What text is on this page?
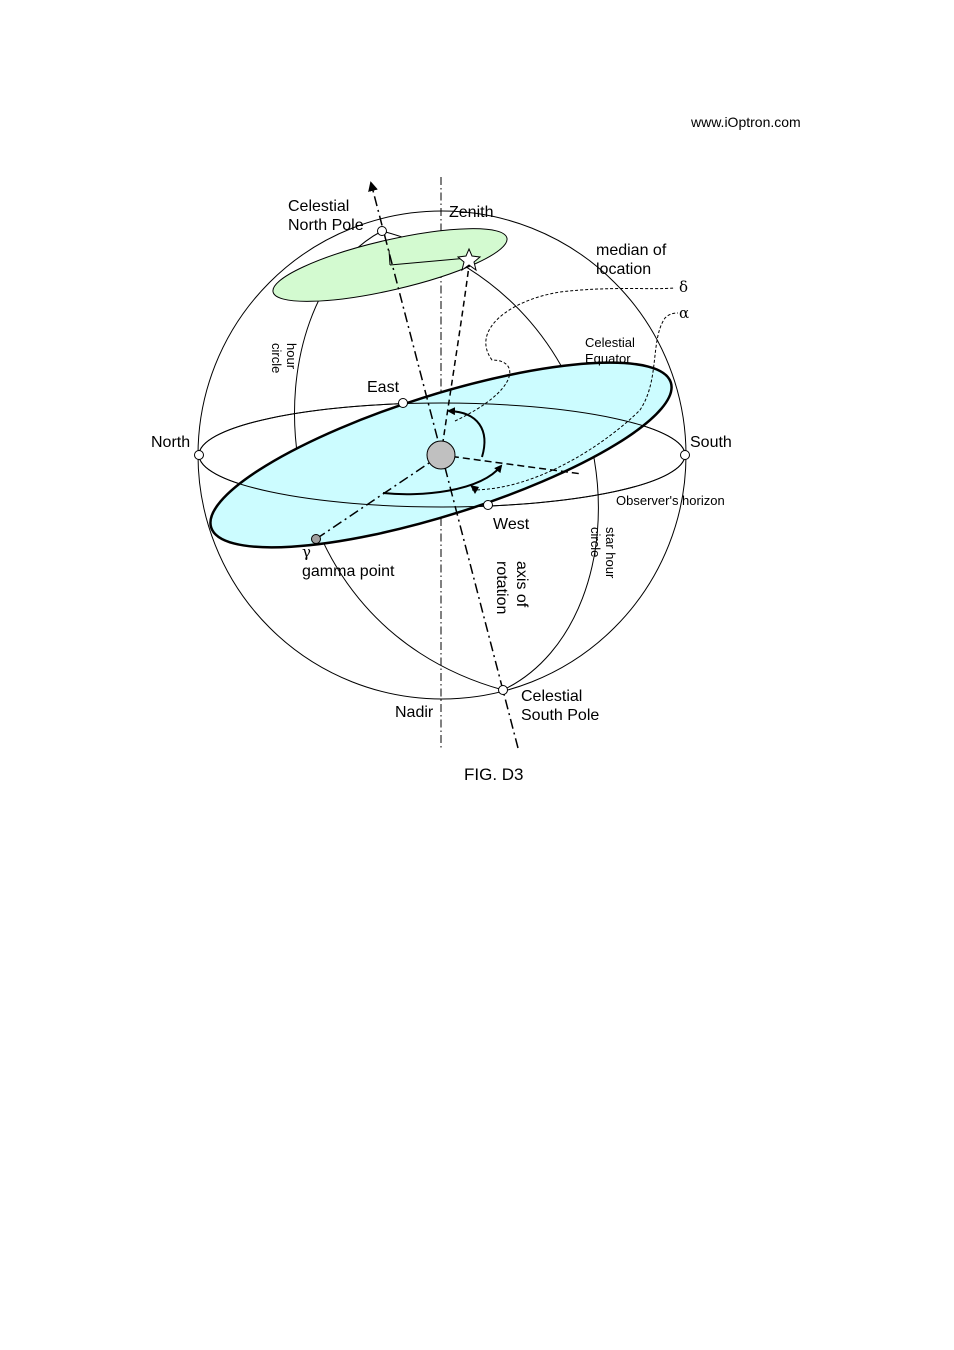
www.iOptron.com
Celestial
North Pole
Zenith
median of
location
δ
α
Celestial
Equator
hour
circle
East
North	South
Observer's horizon
West
γ
gamma point	star hour
circle
axis of
rotation
Celestial
South Pole
Nadir
FIG. D3
